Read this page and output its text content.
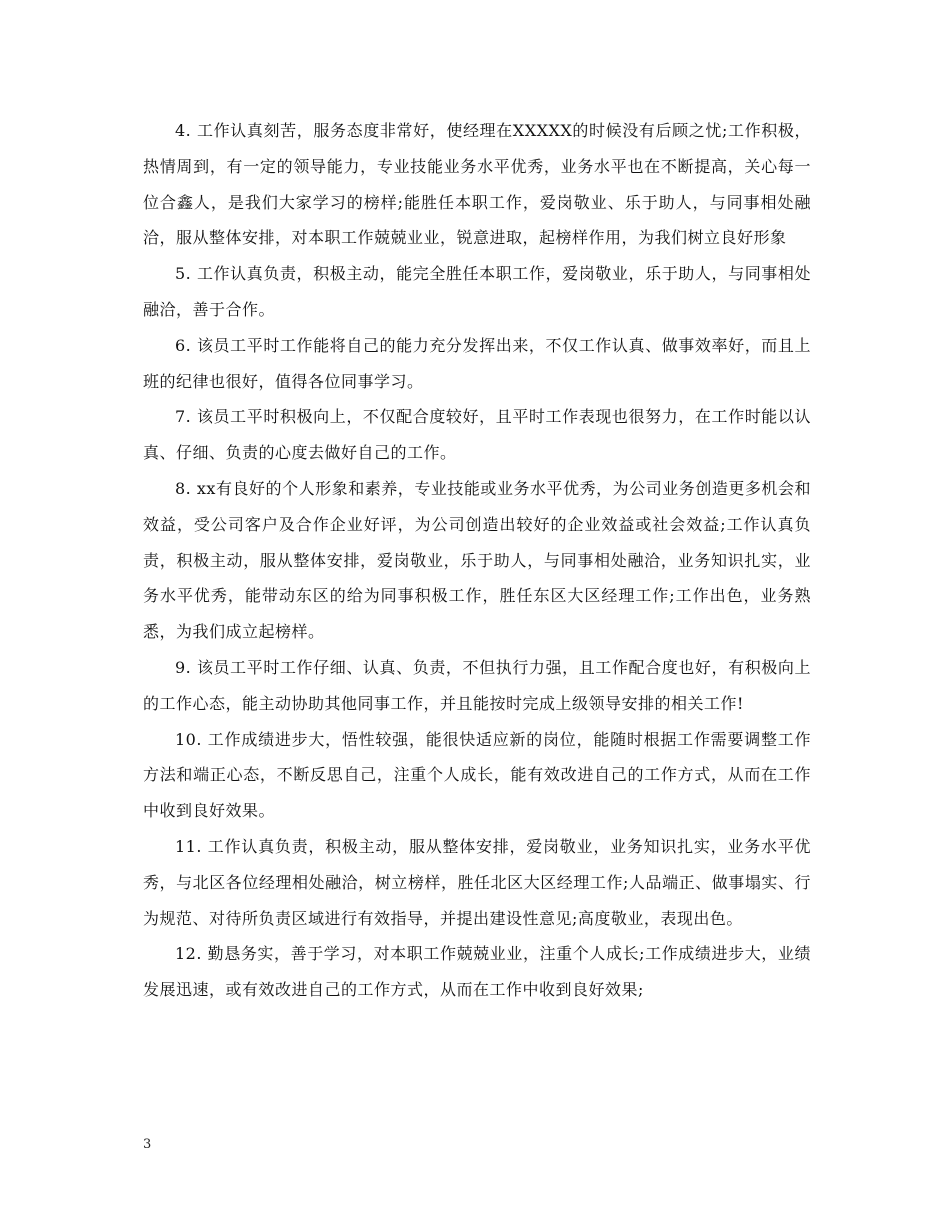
4. 工作认真刻苦，服务态度非常好，使经理在XXXXX的时候没有后顾之忧;工作积极，热情周到，有一定的领导能力，专业技能业务水平优秀，业务水平也在不断提高，关心每一位合鑫人，是我们大家学习的榜样;能胜任本职工作，爱岗敬业、乐于助人，与同事相处融洽，服从整体安排，对本职工作兢兢业业，锐意进取，起榜样作用，为我们树立良好形象

5. 工作认真负责，积极主动，能完全胜任本职工作，爱岗敬业，乐于助人，与同事相处融洽，善于合作。

6. 该员工平时工作能将自己的能力充分发挥出来，不仅工作认真、做事效率好，而且上班的纪律也很好，值得各位同事学习。

7. 该员工平时积极向上，不仅配合度较好，且平时工作表现也很努力，在工作时能以认真、仔细、负责的心度去做好自己的工作。

8. xx有良好的个人形象和素养，专业技能或业务水平优秀，为公司业务创造更多机会和效益，受公司客户及合作企业好评，为公司创造出较好的企业效益或社会效益;工作认真负责，积极主动，服从整体安排，爱岗敬业，乐于助人，与同事相处融洽，业务知识扎实，业务水平优秀，能带动东区的给为同事积极工作，胜任东区大区经理工作;工作出色，业务熟悉，为我们成立起榜样。

9. 该员工平时工作仔细、认真、负责，不但执行力强，且工作配合度也好，有积极向上的工作心态，能主动协助其他同事工作，并且能按时完成上级领导安排的相关工作!

10. 工作成绩进步大，悟性较强，能很快适应新的岗位，能随时根据工作需要调整工作方法和端正心态，不断反思自己，注重个人成长，能有效改进自己的工作方式，从而在工作中收到良好效果。

11. 工作认真负责，积极主动，服从整体安排，爱岗敬业，业务知识扎实，业务水平优秀，与北区各位经理相处融洽，树立榜样，胜任北区大区经理工作;人品端正、做事塌实、行为规范、对待所负责区域进行有效指导，并提出建设性意见;高度敬业，表现出色。

12. 勤恳务实，善于学习，对本职工作兢兢业业，注重个人成长;工作成绩进步大，业绩发展迅速，或有效改进自己的工作方式，从而在工作中收到良好效果;

3
